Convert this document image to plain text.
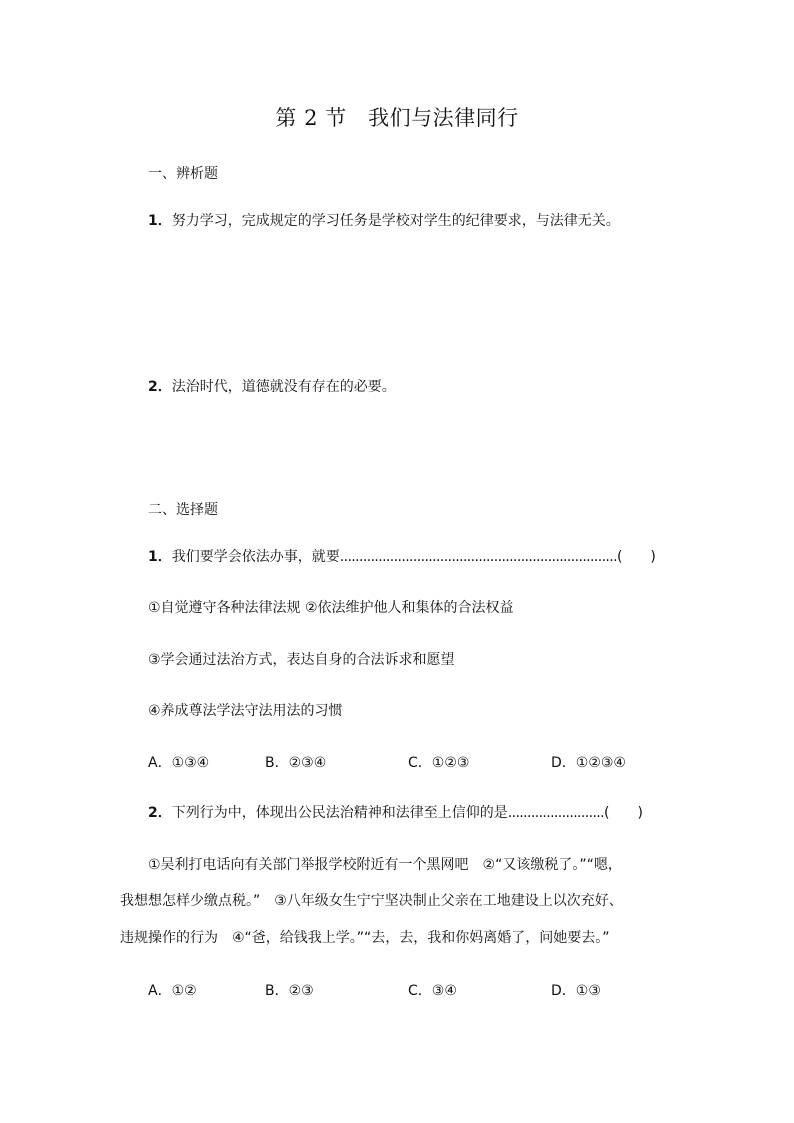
第 2 节　我们与法律同行
一、辨析题
1．努力学习，完成规定的学习任务是学校对学生的纪律要求，与法律无关。
2．法治时代，道德就没有存在的必要。
二、选择题
1．我们要学会依法办事，就要........................................................................(　　)
①自觉遵守各种法律法规 ②依法维护他人和集体的合法权益
③学会通过法治方式，表达自身的合法诉求和愿望
④养成尊法学法守法用法的习惯
A．①③④	B．②③④	C．①②③	D．①②③④
2．下列行为中，体现出公民法治精神和法律至上信仰的是.........................(　　)
①吴利打电话向有关部门举报学校附近有一个黑网吧　②“又该缴税了。”“嗯，
我想想怎样少缴点税。”　③八年级女生宁宁坚决制止父亲在工地建设上以次充好、
违规操作的行为　④“爸，给钱我上学。”“去，去，我和你妈离婚了，问她要去。”
A．①②	B．②③	C．③④	D．①③
